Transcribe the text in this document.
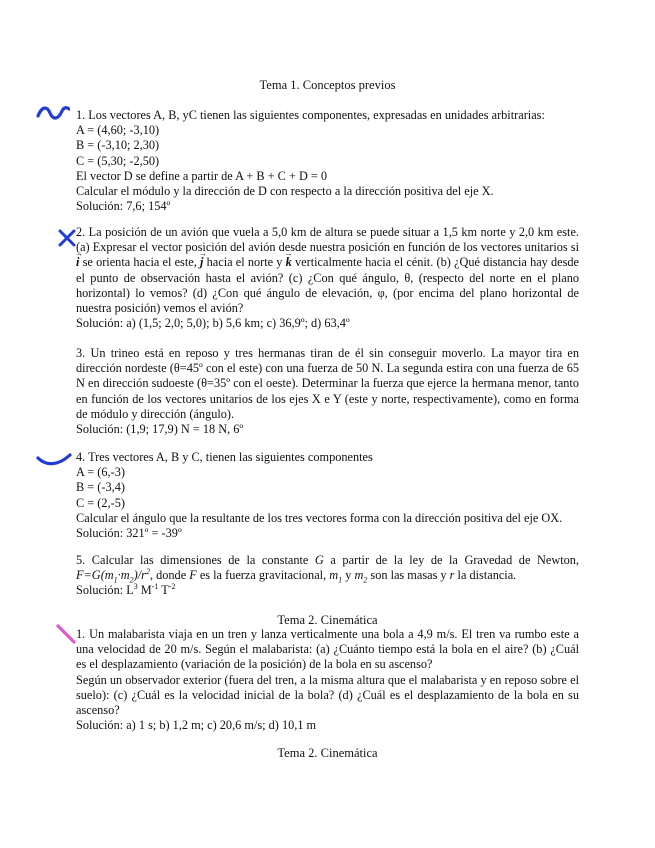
Tema 1. Conceptos previos

1. Los vectores A, B, yC tienen las siguientes componentes, expresadas en unidades arbitrarias:

A = (4,60; -3,10)

B = (-3,10; 2,30)

C = (5,30; -2,50)

El vector D se define a partir de A + B + C + D = 0

Calcular el módulo y la dirección de D con respecto a la dirección positiva del eje X.

Solución: 7,6; 154º

2. La posición de un avión que vuela a 5,0 km de altura se puede situar a 1,5 km norte y 2,0 km este. (a) Expresar el vector posición del avión desde nuestra posición en función de los vectores unitarios si → i se orienta hacia el este, → j hacia el norte y → k verticalmente hacia el cénit. (b) ¿Qué distancia hay desde el punto de observación hasta el avión? (c) ¿Con qué ángulo, θ, (respecto del norte en el plano horizontal) lo vemos? (d) ¿Con qué ángulo de elevación, φ, (por encima del plano horizontal de nuestra posición) vemos el avión?

Solución: a) (1,5; 2,0; 5,0); b) 5,6 km; c) 36,9º; d) 63,4º

3. Un trineo está en reposo y tres hermanas tiran de él sin conseguir moverlo. La mayor tira en dirección nordeste (θ=45º con el este) con una fuerza de 50 N. La segunda estira con una fuerza de 65 N en dirección sudoeste (θ=35º con el oeste). Determinar la fuerza que ejerce la hermana menor, tanto en función de los vectores unitarios de los ejes X e Y (este y norte, respectivamente), como en forma de módulo y dirección (ángulo).

Solución: (1,9; 17,9) N = 18 N, 6º

4. Tres vectores A, B y C, tienen las siguientes componentes

A = (6,-3)

B = (-3,4)

C = (2,-5)

Calcular el ángulo que la resultante de los tres vectores forma con la dirección positiva del eje OX.

Solución: 321º = -39º

5. Calcular las dimensiones de la constante G a partir de la ley de la Gravedad de Newton, $F=G(m_1\cdot m_2)/r^2$, donde F es la fuerza gravitacional, $m_1$ y $m_2$ son las masas y r la distancia.

Solución: $L^3$ $M^{-1}$ $T^{-2}$

Tema 2. Cinemática

1. Un malabarista viaja en un tren y lanza verticalmente una bola a 4,9 m/s. El tren va rumbo este a una velocidad de 20 m/s. Según el malabarista: (a) ¿Cuánto tiempo está la bola en el aire? (b) ¿Cuál es el desplazamiento (variación de la posición) de la bola en su ascenso?

Según un observador exterior (fuera del tren, a la misma altura que el malabarista y en reposo sobre el suelo): (c) ¿Cuál es la velocidad inicial de la bola? (d) ¿Cuál es el desplazamiento de la bola en su ascenso?

Solución: a) 1 s; b) 1,2 m; c) 20,6 m/s; d) 10,1 m

Tema 2. Cinemática
